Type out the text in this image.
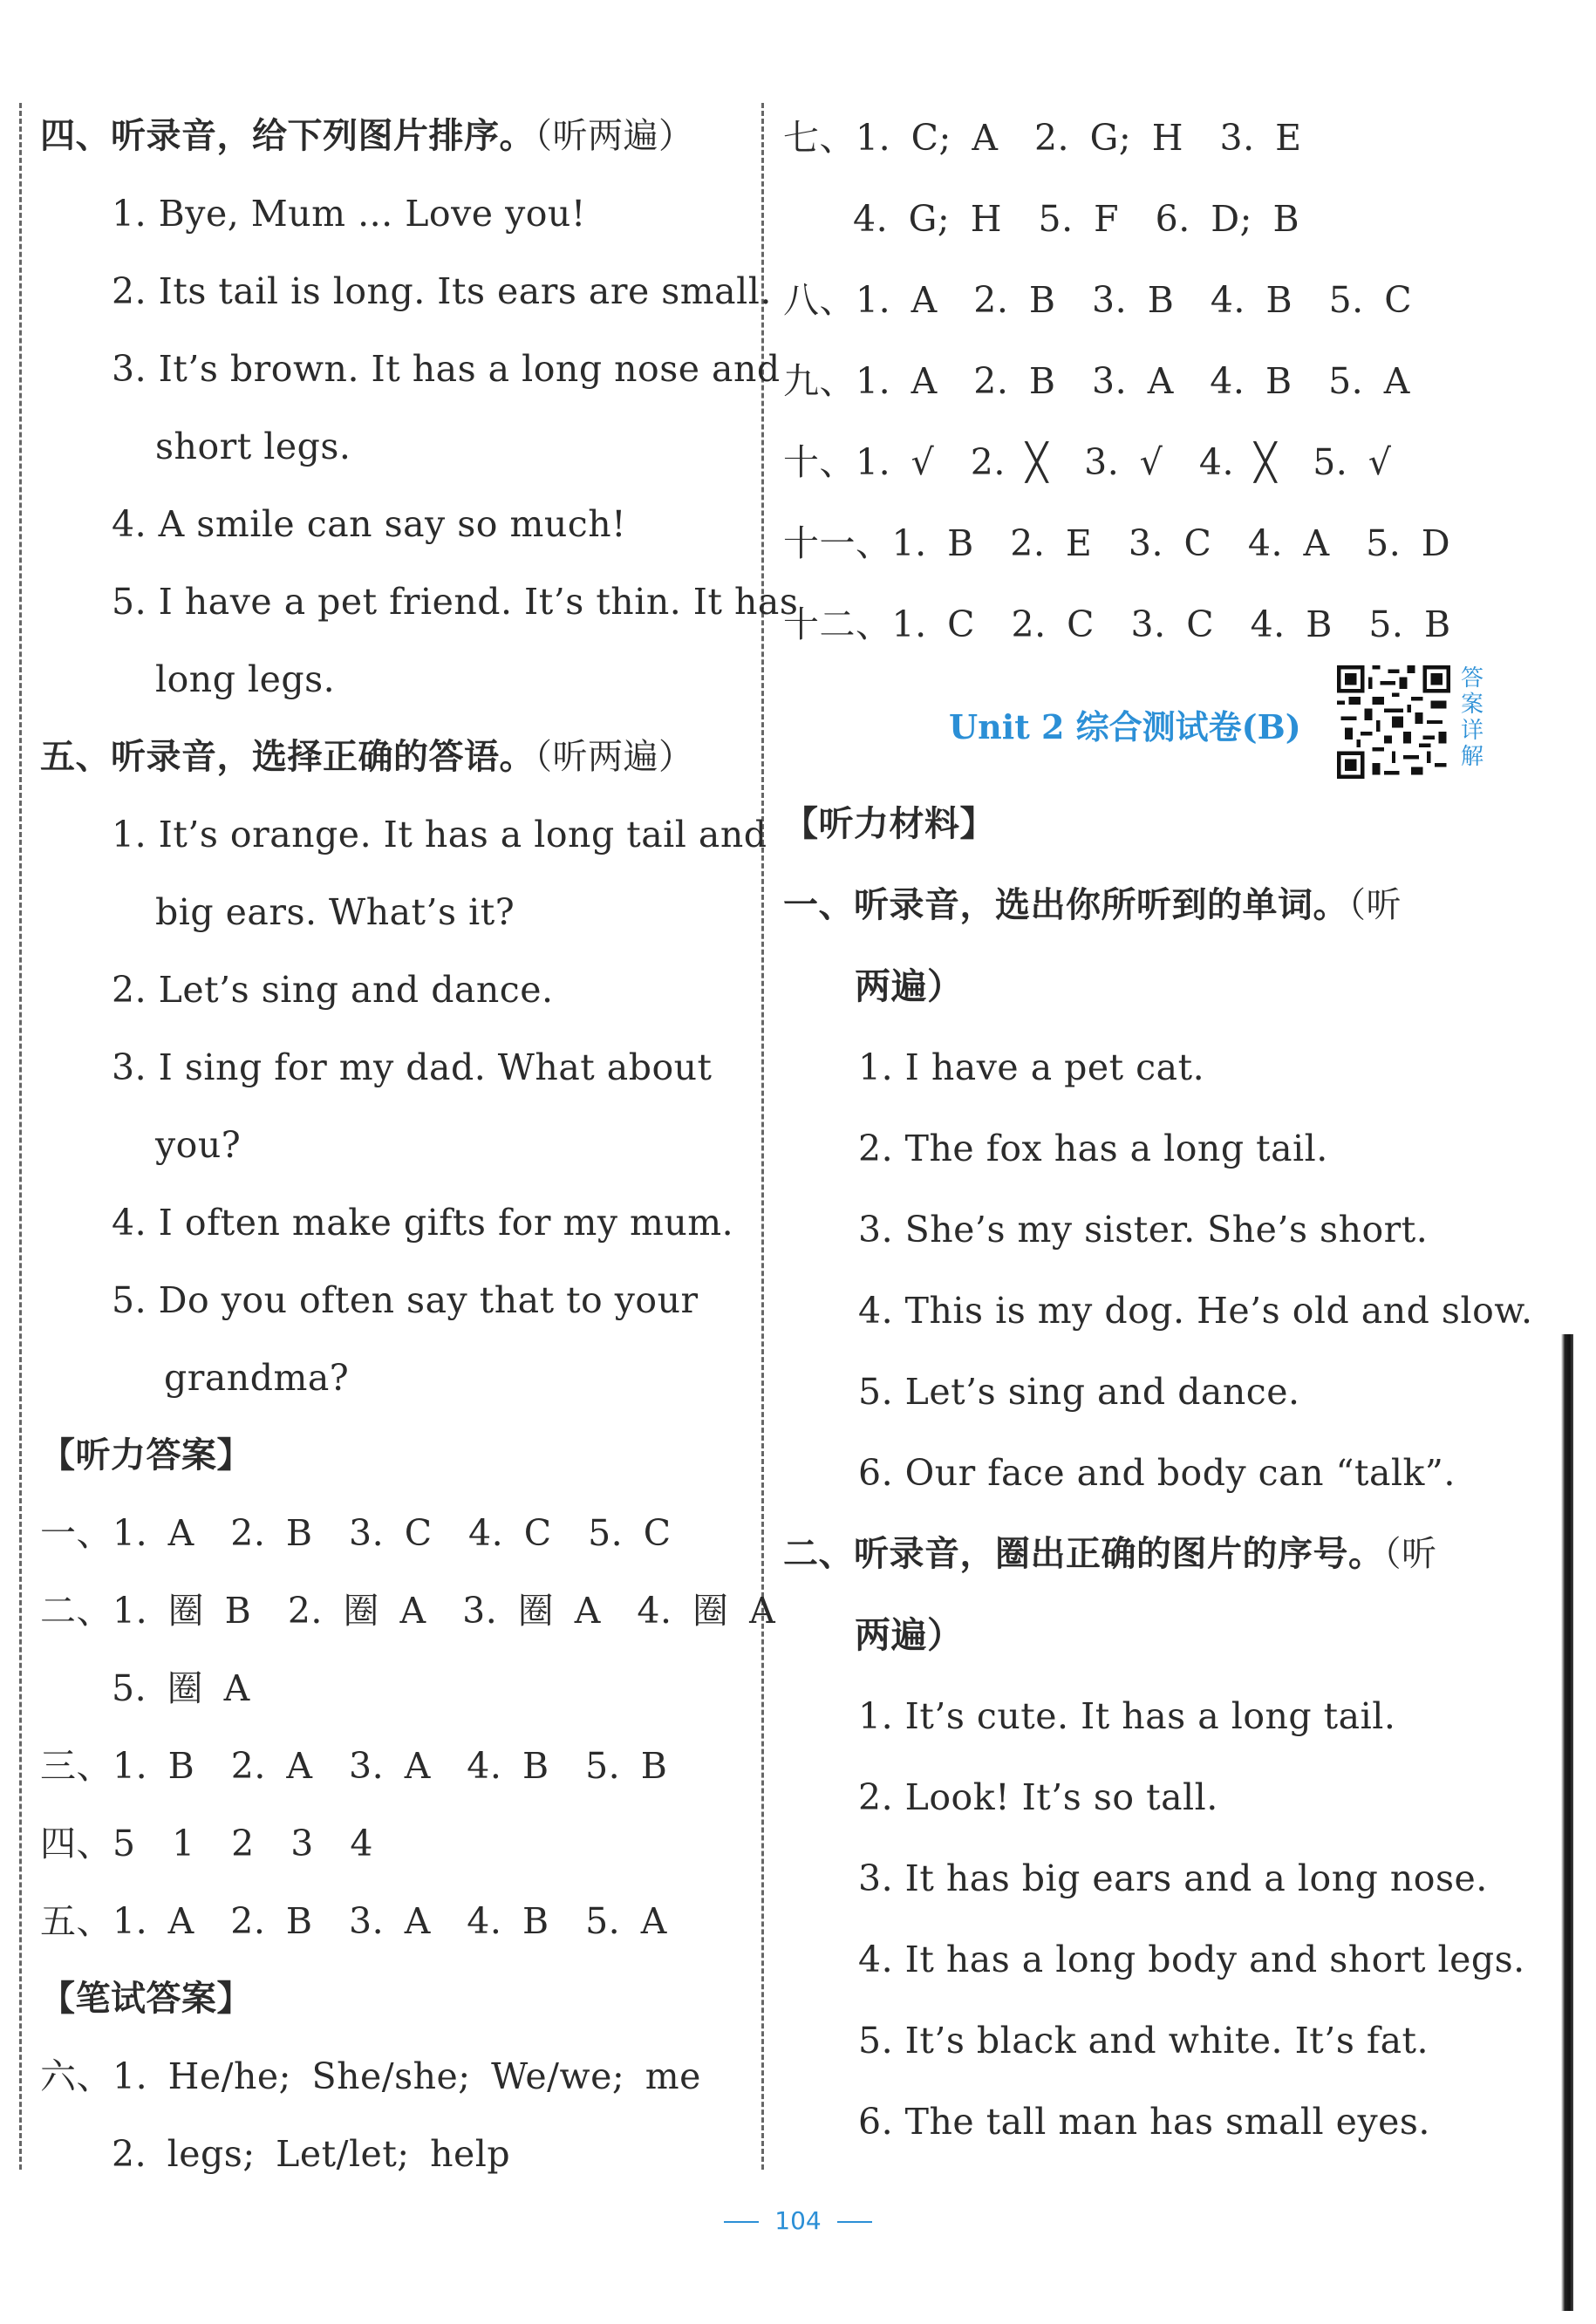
四、听录音，给下列图片排序。（听两遍）
1. Bye, Mum ... Love you!
2. Its tail is long. Its ears are small.
3. It’s brown. It has a long nose and
short legs.
4. A smile can say so much!
5. I have a pet friend. It’s thin. It has
long legs.
五、听录音，选择正确的答语。（听两遍）
1. It’s orange. It has a long tail and
big ears. What’s it?
2. Let’s sing and dance.
3. I sing for my dad. What about
you?
4. I often make gifts for my mum.
5. Do you often say that to your
grandma?
【听力答案】
一、1. A　2. B　3. C　4. C　5. C
二、1. 圈 B　2. 圈 A　3. 圈 A　4. 圈 A
5. 圈 A
三、1. B　2. A　3. A　4. B　5. B
四、5　1　2　3　4
五、1. A　2. B　3. A　4. B　5. A
【笔试答案】
六、1. He/he; She/she; We/we; me
2. legs; Let/let; help
七、1. C; A　2. G; H　3. E
4. G; H　5. F　6. D; B
八、1. A　2. B　3. B　4. B　5. C
九、1. A　2. B　3. A　4. B　5. A
十、1. √　2. ╳　3. √　4. ╳　5. √
十一、1. B　2. E　3. C　4. A　5. D
十二、1. C　2. C　3. C　4. B　5. B
Unit 2 综合测试卷(B)
答
案
详
解
【听力材料】
一、听录音，选出你所听到的单词。（听
两遍）
1. I have a pet cat.
2. The fox has a long tail.
3. She’s my sister. She’s short.
4. This is my dog. He’s old and slow.
5. Let’s sing and dance.
6. Our face and body can “talk”.
二、听录音，圈出正确的图片的序号。（听
两遍）
1. It’s cute. It has a long tail.
2. Look! It’s so tall.
3. It has big ears and a long nose.
4. It has a long body and short legs.
5. It’s black and white. It’s fat.
6. The tall man has small eyes.
104
